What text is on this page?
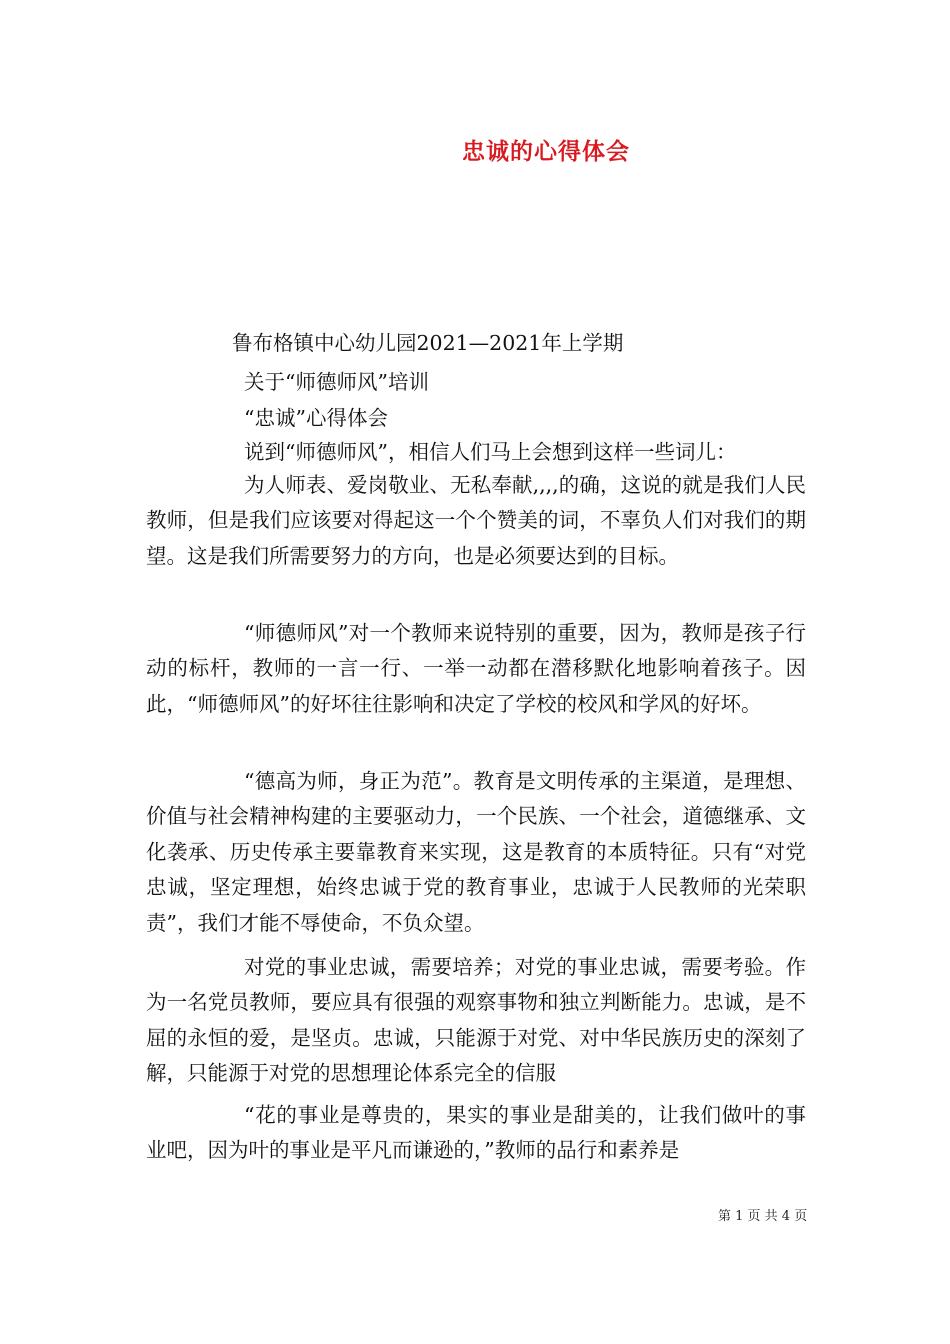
忠诚的心得体会
鲁布格镇中心幼儿园2021—2021年上学期
关于“师德师风”培训
“忠诚”心得体会
说到“师德师风”，相信人们马上会想到这样一些词儿：

为人师表、爱岗敬业、无私奉献,,,,的确，这说的就是我们人民教师，但是我们应该要对得起这一个个赞美的词，不辜负人们对我们的期望。这是我们所需要努力的方向，也是必须要达到的目标。

“师德师风”对一个教师来说特别的重要，因为，教师是孩子行动的标杆，教师的一言一行、一举一动都在潜移默化地影响着孩子。因此，“师德师风”的好坏往往影响和决定了学校的校风和学风的好坏。

“德高为师，身正为范”。教育是文明传承的主渠道，是理想、价值与社会精神构建的主要驱动力，一个民族、一个社会，道德继承、文化袭承、历史传承主要靠教育来实现，这是教育的本质特征。只有“对党忠诚，坚定理想，始终忠诚于党的教育事业，忠诚于人民教师的光荣职责”，我们才能不辱使命，不负众望。

对党的事业忠诚，需要培养；对党的事业忠诚，需要考验。作为一名党员教师，要应具有很强的观察事物和独立判断能力。忠诚，是不屈的永恒的爱，是坚贞。忠诚，只能源于对党、对中华民族历史的深刻了解，只能源于对党的思想理论体系完全的信服

“花的事业是尊贵的，果实的事业是甜美的，让我们做叶的事业吧，因为叶的事业是平凡而谦逊的，”教师的品行和素养是

第 1 页 共 4 页
